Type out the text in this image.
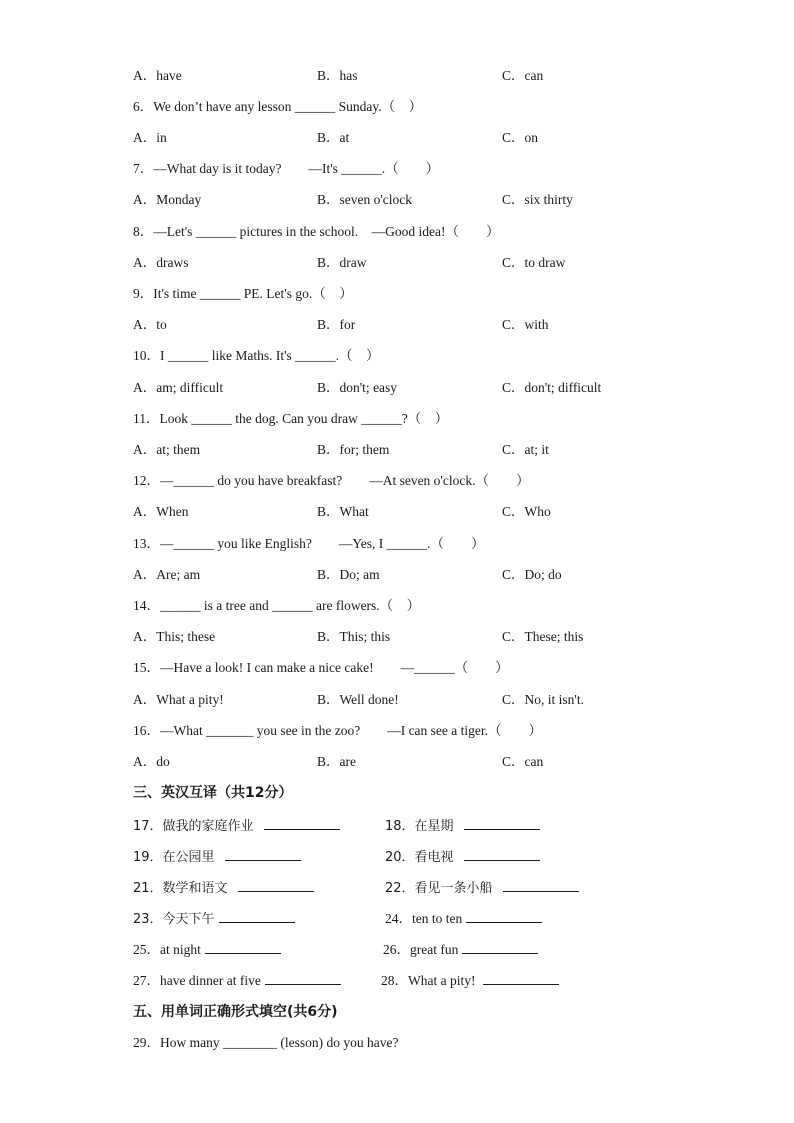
A．have	B．has	C．can
6．We don’t have any lesson ______ Sunday.（　）
A．in	B．at	C．on
7．—What day is it today?　　—It's ______.（　　）
A．Monday	B．seven o'clock	C．six thirty
8．—Let's ______ pictures in the school.　—Good idea!（　　）
A．draws	B．draw	C．to draw
9．It's time ______ PE. Let's go.（　）
A．to	B．for	C．with
10．I ______ like Maths. It's ______.（　）
A．am; difficult	B．don't; easy	C．don't; difficult
11．Look ______ the dog. Can you draw ______?（　）
A．at; them	B．for; them	C．at; it
12．—______ do you have breakfast?　　—At seven o'clock.（　　）
A．When	B．What	C．Who
13．—______ you like English?　　—Yes, I ______.（　　）
A．Are; am	B．Do; am	C．Do; do
14．______ is a tree and ______ are flowers.（　）
A．This; these	B．This; this	C．These; this
15．—Have a look! I can make a nice cake!　　—______（　　）
A．What a pity!	B．Well done!	C．No, it isn't.
16．—What _______ you see in the zoo?　　—I can see a tiger.（　　）
A．do	B．are	C．can
三、英汉互译（共12分）
17．做我的家庭作业	18．在星期
19．在公园里	20．看电视
21．数学和语文	22．看见一条小船
23．今天下午	24．ten to ten
25．at night	26．great fun
27．have dinner at five	28．What a pity!
五、用单词正确形式填空(共6分)
29．How many ________ (lesson) do you have?
